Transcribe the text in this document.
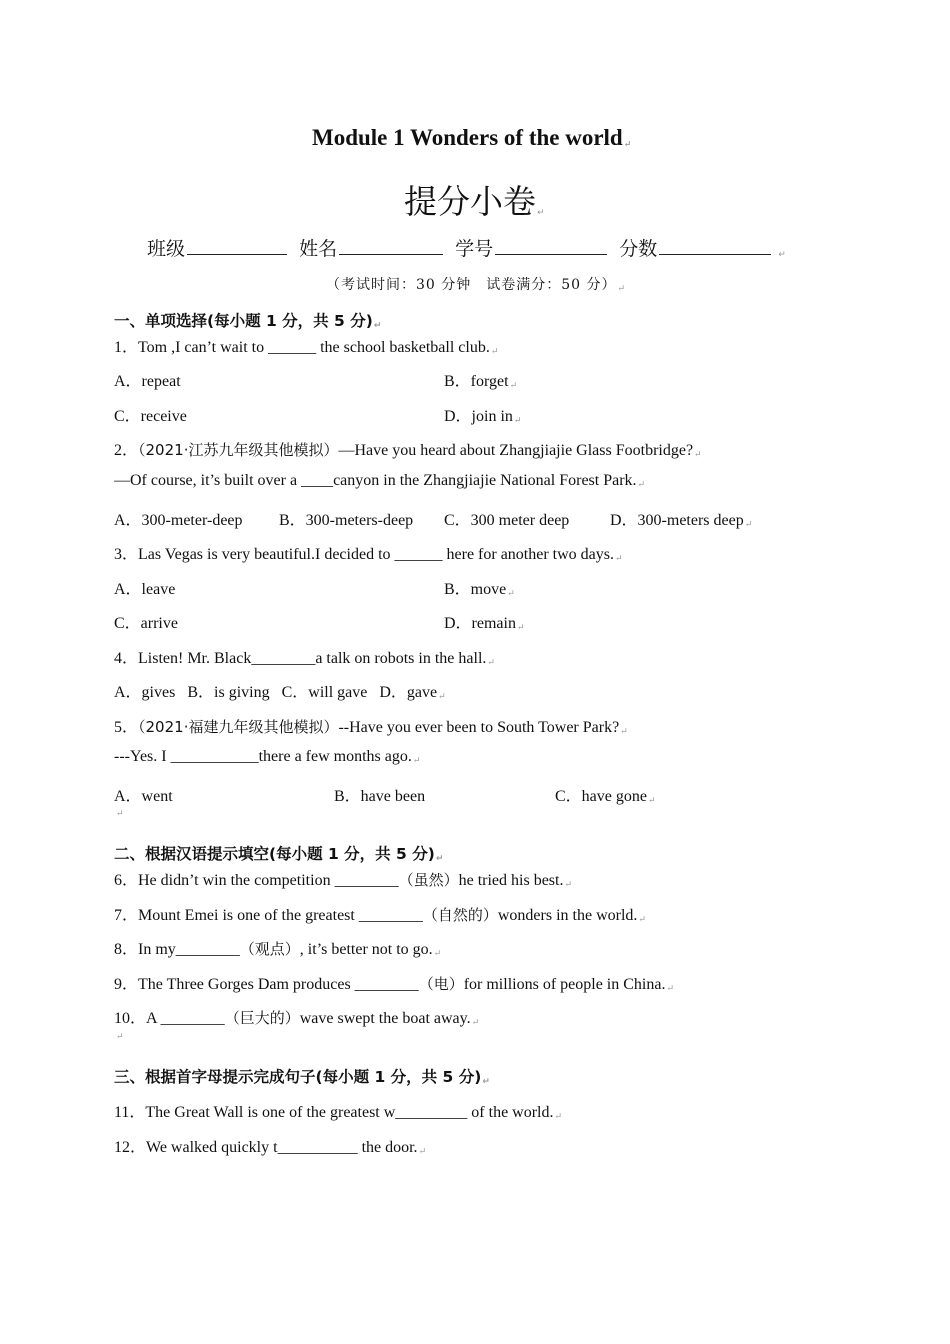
Module 1 Wonders of the world↵
提分小卷↵
班级	姓名	学号	分数	↵
（考试时间：30 分钟　试卷满分：50 分）↵
一、单项选择(每小题 1 分，共 5 分)↵
1．Tom ,I can’t wait to ______ the school basketball club.↵
A．repeat	B．forget↵
C．receive	D．join in↵
2．（2021·江苏九年级其他模拟）—Have you heard about Zhangjiajie Glass Footbridge?↵
—Of course, it’s built over a ____canyon in the Zhangjiajie National Forest Park.↵
A．300-meter-deep B．300-meters-deep C．300 meter deep	D．300-meters deep↵
3．Las Vegas is very beautiful.I decided to ______ here for another two days.↵
A．leave	B．move↵
C．arrive	D．remain↵
4．Listen! Mr. Black________a talk on robots in the hall.↵
A．gives B．is giving C．will gave D．gave↵
5．（2021·福建九年级其他模拟）--Have you ever been to South Tower Park?↵
---Yes. I ___________there a few months ago.↵
A．went	B．have been	C．have gone↵
↵
二、根据汉语提示填空(每小题 1 分，共 5 分)↵
6．He didn’t win the competition ________（虽然）he tried his best.↵
7．Mount Emei is one of the greatest ________（自然的）wonders in the world.↵
8．In my________（观点）, it’s better not to go.↵
9．The Three Gorges Dam produces ________（电）for millions of people in China.↵
10．A ________（巨大的）wave swept the boat away.↵
↵
三、根据首字母提示完成句子(每小题 1 分，共 5 分)↵
11．The Great Wall is one of the greatest w_________ of the world.↵
12．We walked quickly t__________ the door.↵
